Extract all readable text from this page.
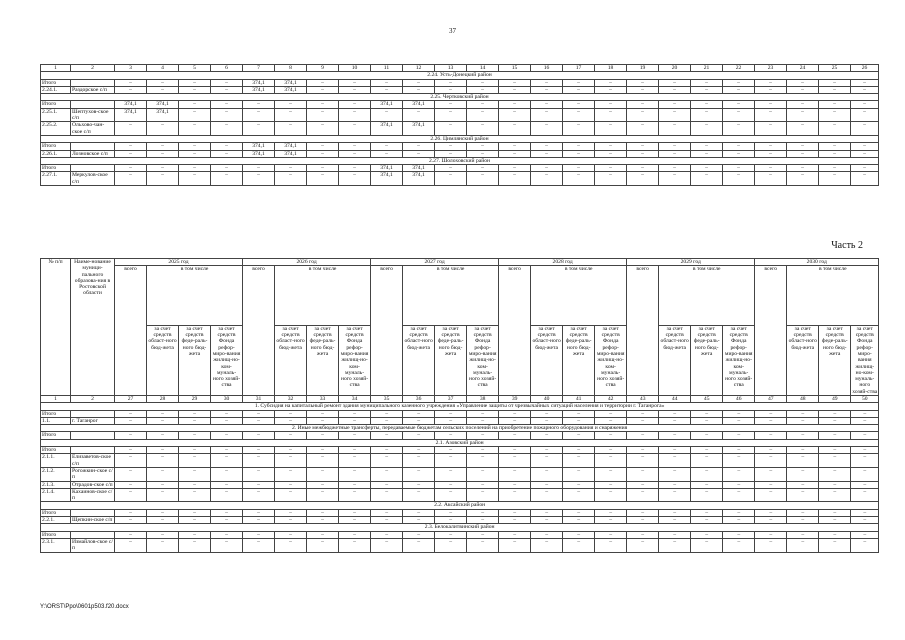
37
1	2	3	4	5	6	7	8	9	10	11	12	13	14	15	16	17	18	19	20	21	22	23	24	25	26
2.24. Усть-Донецкий район																									
Итого		–	–	–	–	374,1	374,1	–	–	–	–	–	–	–	–	–	–	–	–	–	–	–	–	–	–
2.24.1.	Раздорское с/п	–	–	–	–	374,1	374,1	–	–	–	–	–	–	–	–	–	–	–	–	–	–	–	–	–	–
2.25. Чертковский район																									
Итого		374,1	374,1	–	–	–	–	–	–	374,1	374,1	–	–	–	–	–	–	–	–	–	–	–	–	–	–
2.25.1.	Шептухов-ское с/п	374,1	374,1	–	–	–	–	–	–	–	–	–	–	–	–	–	–	–	–	–	–	–	–	–	–
2.25.2.	Ольхово-чан-ское с/п	–	–	–	–	–	–	–	–	374,1	374,1	–	–	–	–	–	–	–	–	–	–	–	–	–	–
2.26. Цимлянский район																									
Итого		–	–	–	–	374,1	374,1	–	–	–	–	–	–	–	–	–	–	–	–	–	–	–	–	–	–
2.26.1.	Лозновское с/п	–	–	–	–	374,1	374,1	–	–	–	–	–	–	–	–	–	–	–	–	–	–	–	–	–	–
2.27. Шолоховский район																									
Итого		–	–	–	–	–	–	–	–	374,1	374,1	–	–	–	–	–	–	–	–	–	–	–	–	–	–
2.27.1.	Меркулов-ское с/п	–	–	–	–	–	–	–	–	374,1	374,1	–	–	–	–	–	–	–	–	–	–	–	–	–	–
Часть 2
№ п/п	Наиме-нование муници-пального образова-ния в Ростовской области	2025 год				2026 год				2027 год				2028 год				2029 год				2030 год			
		всего	в том числе			всего	в том числе			всего	в том числе			всего	в том числе			всего	в том числе			всего	в том числе		
			за счет средств област-ного бюд-жета	за счет средств феде-раль-ного бюд-жета	за счет средств Фонда рефор-миро-вания жилищ-но-ком-муналь-ного хозяй-ства		за счет средств област-ного бюд-жета	за счет средств феде-раль-ного бюд-жета	за счет средств Фонда рефор-миро-вания жилищ-но-ком-муналь-ного хозяй-ства		за счет средств област-ного бюд-жета	за счет средств феде-раль-ного бюд-жета	за счет средств Фонда рефор-миро-вания жилищ-но-ком-муналь-ного хозяй-ства		за счет средств област-ного бюд-жета	за счет средств феде-раль-ного бюд-жета	за счет средств Фонда рефор-миро-вания жилищ-но-ком-муналь-ного хозяй-ства		за счет средств област-ного бюд-жета	за счет средств феде-раль-ного бюд-жета	за счет средств Фонда рефор-миро-вания жилищ-но-ком-муналь-ного хозяй-ства		за счет средств област-ного бюд-жета	за счет средств феде-раль-ного бюд-жета	за счет средств Фонда рефор-миро-вания жилищ-но-ком-муналь-ного хозяй-ства
1	2	27	28	29	30	31	32	33	34	35	36	37	38	39	40	41	42	43	44	45	46	47	48	49	50
1. Субсидия на капитальный ремонт здания муниципального казенного учреждения «Управление защиты от чрезвычайных ситуаций населения и территории г. Таганрога»																									
Итого		–	–	–	–	–	–	–	–	–	–	–	–	–	–	–	–	–	–	–	–	–	–	–	–
1.1.	г. Таганрог	–	–	–	–	–	–	–	–	–	–	–	–	–	–	–	–	–	–	–	–	–	–	–	–
2. Иные межбюджетные трансферты, передаваемые бюджетам сельских поселений на приобретение пожарного оборудования и снаряжения																									
Итого		–	–	–	–	–	–	–	–	–	–	–	–	–	–	–	–	–	–	–	–	–	–	–	–
2.1. Азовский район																									
Итого		–	–	–	–	–	–	–	–	–	–	–	–	–	–	–	–	–	–	–	–	–	–	–	–
2.1.1.	Елизаветов-ское с/п	–	–	–	–	–	–	–	–	–	–	–	–	–	–	–	–	–	–	–	–	–	–	–	–
2.1.2.	Рогожкин-ское с/п	–	–	–	–	–	–	–	–	–	–	–	–	–	–	–	–	–	–	–	–	–	–	–	–
2.1.3.	Отрадов-ское с/п	–	–	–	–	–	–	–	–	–	–	–	–	–	–	–	–	–	–	–	–	–	–	–	–
2.1.4.	Кахаинов-ское с/п	–	–	–	–	–	–	–	–	–	–	–	–	–	–	–	–	–	–	–	–	–	–	–	–
2.2. Аксайский район																									
Итого		–	–	–	–	–	–	–	–	–	–	–	–	–	–	–	–	–	–	–	–	–	–	–	–
2.2.1.	Щепкин-ское с/п	–	–	–	–	–	–	–	–	–	–	–	–	–	–	–	–	–	–	–	–	–	–	–	–
2.3. Белокалитвинский район																									
Итого		–	–	–	–	–	–	–	–	–	–	–	–	–	–	–	–	–	–	–	–	–	–	–	–
2.3.1.	Измайлов-ское с/п	–	–	–	–	–	–	–	–	–	–	–	–	–	–	–	–	–	–	–	–	–	–	–	–
Y:\ORST\Ppo\0601p503.f20.docx
